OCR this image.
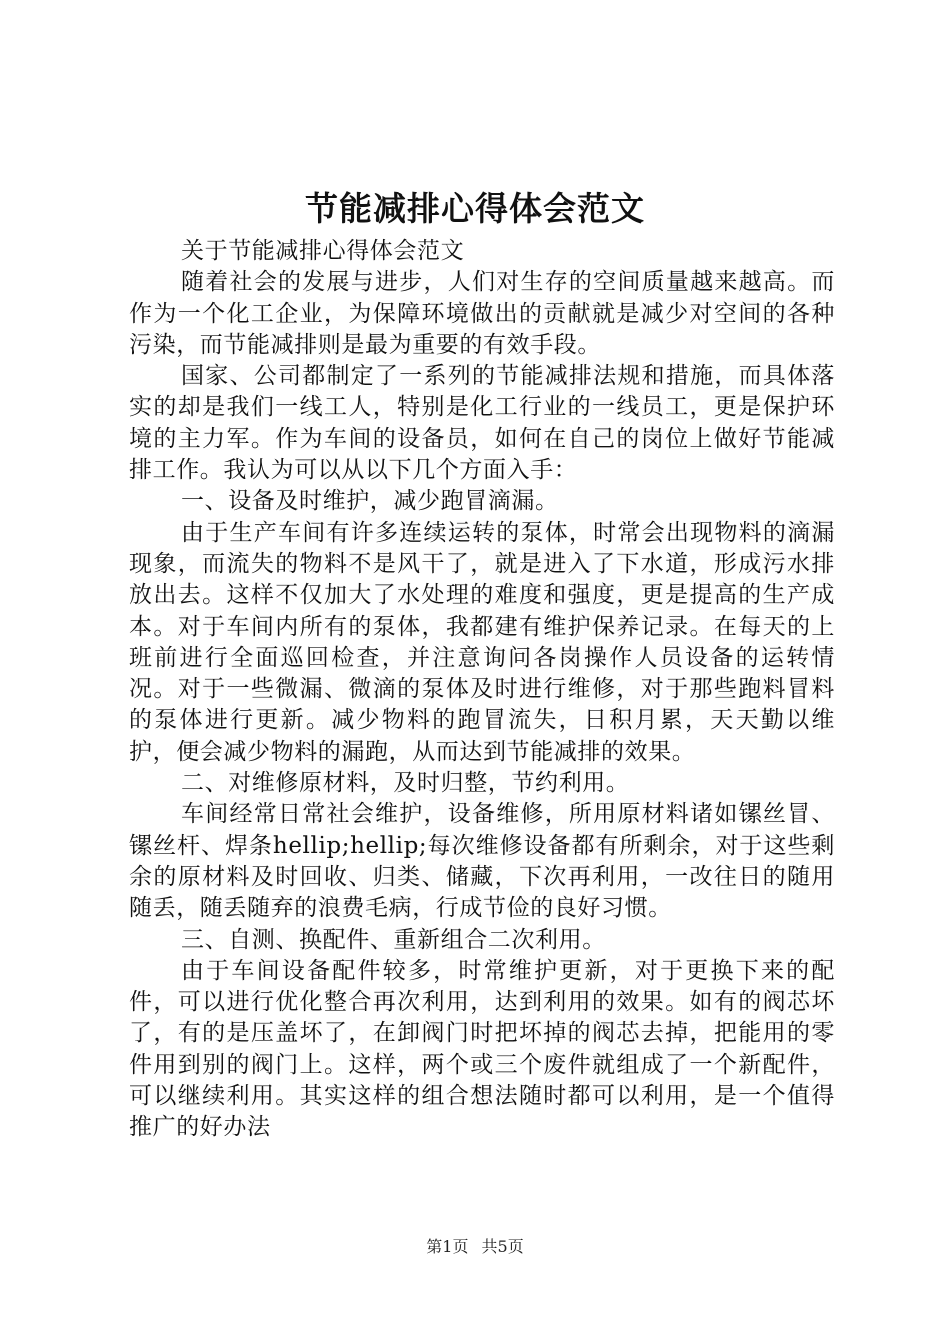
节能减排心得体会范文

关于节能减排心得体会范文

随着社会的发展与进步，人们对生存的空间质量越来越高。而作为一个化工企业，为保障环境做出的贡献就是减少对空间的各种污染，而节能减排则是最为重要的有效手段。

国家、公司都制定了一系列的节能减排法规和措施，而具体落实的却是我们一线工人，特别是化工行业的一线员工，更是保护环境的主力军。作为车间的设备员，如何在自己的岗位上做好节能减排工作。我认为可以从以下几个方面入手：

一、设备及时维护，减少跑冒滴漏。

由于生产车间有许多连续运转的泵体，时常会出现物料的滴漏现象，而流失的物料不是风干了，就是进入了下水道，形成污水排放出去。这样不仅加大了水处理的难度和强度，更是提高的生产成本。对于车间内所有的泵体，我都建有维护保养记录。在每天的上班前进行全面巡回检查，并注意询问各岗操作人员设备的运转情况。对于一些微漏、微滴的泵体及时进行维修，对于那些跑料冒料的泵体进行更新。减少物料的跑冒流失，日积月累，天天勤以维护，便会减少物料的漏跑，从而达到节能减排的效果。

二、对维修原材料，及时归整，节约利用。

车间经常日常社会维护，设备维修，所用原材料诸如镙丝冒、镙丝杆、焊条hellip;hellip;每次维修设备都有所剩余，对于这些剩余的原材料及时回收、归类、储藏，下次再利用，一改往日的随用随丢，随丢随弃的浪费毛病，行成节俭的良好习惯。

三、自测、换配件、重新组合二次利用。

由于车间设备配件较多，时常维护更新，对于更换下来的配件，可以进行优化整合再次利用，达到利用的效果。如有的阀芯坏了，有的是压盖坏了，在卸阀门时把坏掉的阀芯去掉，把能用的零件用到别的阀门上。这样，两个或三个废件就组成了一个新配件，可以继续利用。其实这样的组合想法随时都可以利用，是一个值得推广的好办法

第1页 共5页
